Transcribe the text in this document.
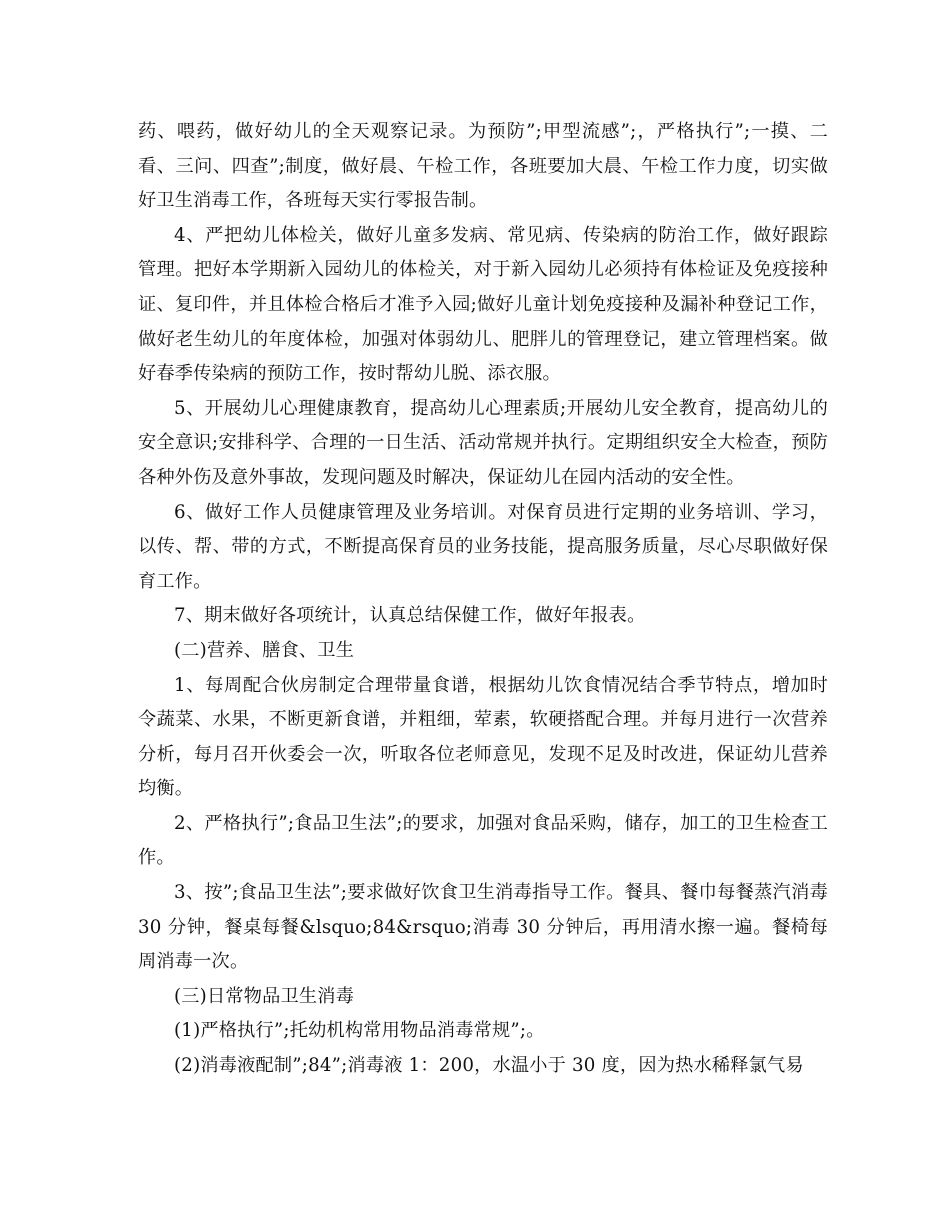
药、喂药，做好幼儿的全天观察记录。为预防”;甲型流感”;，严格执行”;一摸、二看、三问、四查”;制度，做好晨、午检工作，各班要加大晨、午检工作力度，切实做好卫生消毒工作，各班每天实行零报告制。

4、严把幼儿体检关，做好儿童多发病、常见病、传染病的防治工作，做好跟踪管理。把好本学期新入园幼儿的体检关，对于新入园幼儿必须持有体检证及免疫接种证、复印件，并且体检合格后才准予入园;做好儿童计划免疫接种及漏补种登记工作，做好老生幼儿的年度体检，加强对体弱幼儿、肥胖儿的管理登记，建立管理档案。做好春季传染病的预防工作，按时帮幼儿脱、添衣服。

5、开展幼儿心理健康教育，提高幼儿心理素质;开展幼儿安全教育，提高幼儿的安全意识;安排科学、合理的一日生活、活动常规并执行。定期组织安全大检查，预防各种外伤及意外事故，发现问题及时解决，保证幼儿在园内活动的安全性。

6、做好工作人员健康管理及业务培训。对保育员进行定期的业务培训、学习，以传、帮、带的方式，不断提高保育员的业务技能，提高服务质量，尽心尽职做好保育工作。

7、期末做好各项统计，认真总结保健工作，做好年报表。

(二)营养、膳食、卫生

1、每周配合伙房制定合理带量食谱，根据幼儿饮食情况结合季节特点，增加时令蔬菜、水果，不断更新食谱，并粗细，荤素，软硬搭配合理。并每月进行一次营养分析，每月召开伙委会一次，听取各位老师意见，发现不足及时改进，保证幼儿营养均衡。

2、严格执行”;食品卫生法”;的要求，加强对食品采购，储存，加工的卫生检查工作。

3、按”;食品卫生法”;要求做好饮食卫生消毒指导工作。餐具、餐巾每餐蒸汽消毒 30 分钟，餐桌每餐&lsquo;84&rsquo;消毒 30 分钟后，再用清水擦一遍。餐椅每周消毒一次。

(三)日常物品卫生消毒

(1)严格执行”;托幼机构常用物品消毒常规”;。

(2)消毒液配制”;84”;消毒液 1：200，水温小于 30 度，因为热水稀释氯气易
